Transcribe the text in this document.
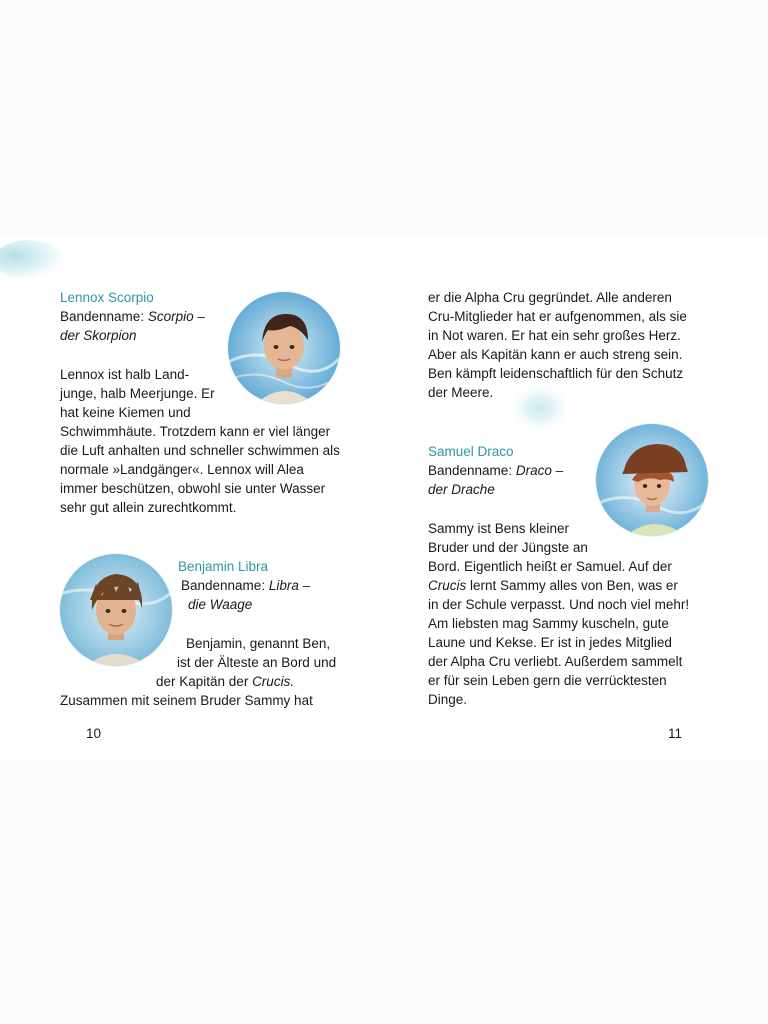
Lennox Scorpio
Bandenname: Scorpio –
der Skorpion
Lennox ist halb Land-
junge, halb Meerjunge. Er
hat keine Kiemen und
Schwimmhäute. Trotzdem kann er viel länger
die Luft anhalten und schneller schwimmen als
normale »Landgänger«. Lennox will Alea
immer beschützen, obwohl sie unter Wasser
sehr gut allein zurechtkommt.
Benjamin Libra
Bandenname: Libra –
die Waage
Benjamin, genannt Ben,
ist der Älteste an Bord und
der Kapitän der Crucis.
Zusammen mit seinem Bruder Sammy hat
10
er die Alpha Cru gegründet. Alle anderen
Cru-Mitglieder hat er aufgenommen, als sie
in Not waren. Er hat ein sehr großes Herz.
Aber als Kapitän kann er auch streng sein.
Ben kämpft leidenschaftlich für den Schutz
der Meere.
Samuel Draco
Bandenname: Draco –
der Drache
Sammy ist Bens kleiner
Bruder und der Jüngste an
Bord. Eigentlich heißt er Samuel. Auf der
Crucis lernt Sammy alles von Ben, was er
in der Schule verpasst. Und noch viel mehr!
Am liebsten mag Sammy kuscheln, gute
Laune und Kekse. Er ist in jedes Mitglied
der Alpha Cru verliebt. Außerdem sammelt
er für sein Leben gern die verrücktesten
Dinge.
11
